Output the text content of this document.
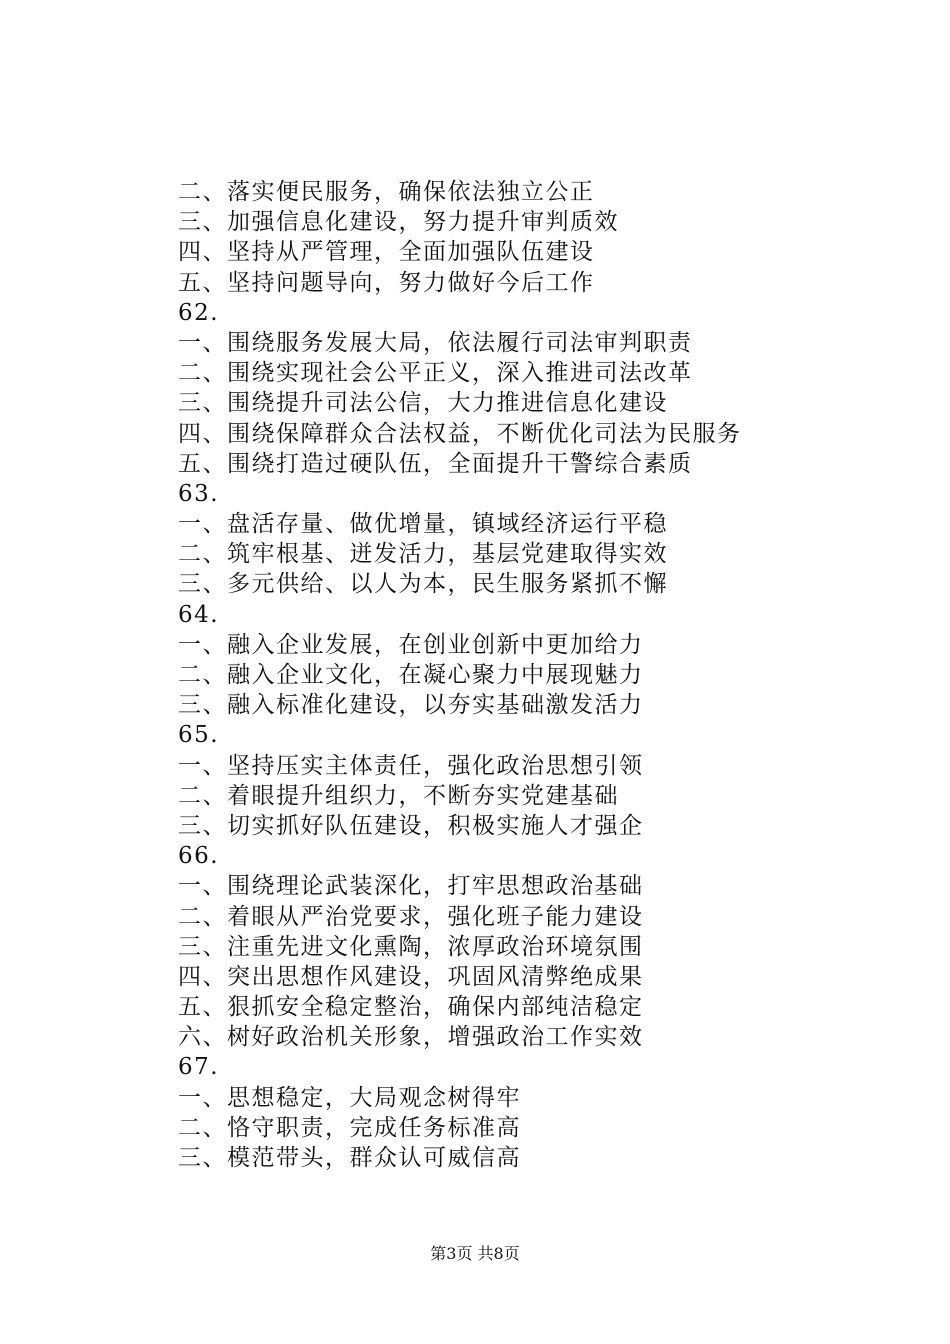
二、落实便民服务，确保依法独立公正
三、加强信息化建设，努力提升审判质效
四、坚持从严管理，全面加强队伍建设
五、坚持问题导向，努力做好今后工作
62.
一、围绕服务发展大局，依法履行司法审判职责
二、围绕实现社会公平正义，深入推进司法改革
三、围绕提升司法公信，大力推进信息化建设
四、围绕保障群众合法权益，不断优化司法为民服务
五、围绕打造过硬队伍，全面提升干警综合素质
63.
一、盘活存量、做优增量，镇域经济运行平稳
二、筑牢根基、迸发活力，基层党建取得实效
三、多元供给、以人为本，民生服务紧抓不懈
64.
一、融入企业发展，在创业创新中更加给力
二、融入企业文化，在凝心聚力中展现魅力
三、融入标准化建设，以夯实基础激发活力
65.
一、坚持压实主体责任，强化政治思想引领
二、着眼提升组织力，不断夯实党建基础
三、切实抓好队伍建设，积极实施人才强企
66.
一、围绕理论武装深化，打牢思想政治基础
二、着眼从严治党要求，强化班子能力建设
三、注重先进文化熏陶，浓厚政治环境氛围
四、突出思想作风建设，巩固风清弊绝成果
五、狠抓安全稳定整治，确保内部纯洁稳定
六、树好政治机关形象，增强政治工作实效
67.
一、思想稳定，大局观念树得牢
二、恪守职责，完成任务标准高
三、模范带头，群众认可威信高
第3页 共8页
